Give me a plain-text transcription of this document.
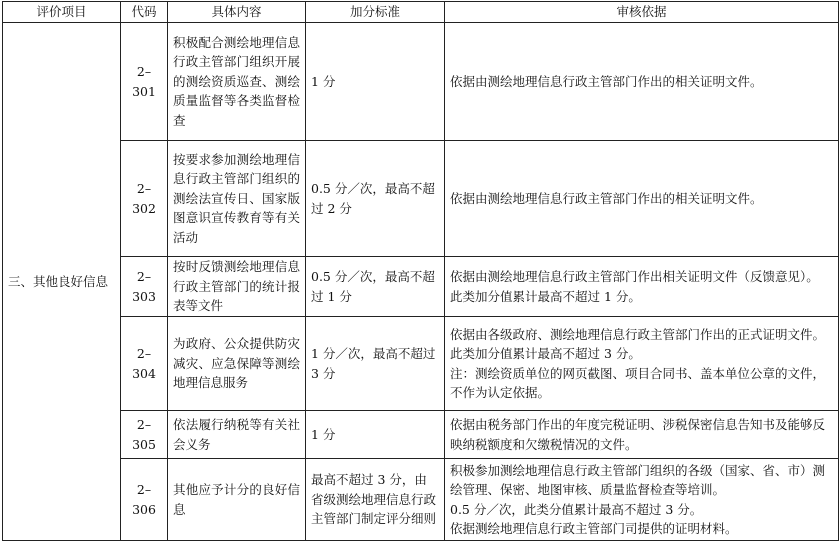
评价项目	代码	具体内容	加分标准	审核依据
三、其他良好信息	2–301	积极配合测绘地理信息行政主管部门组织开展的测绘资质巡查、测绘质量监督等各类监督检查	1 分	依据由测绘地理信息行政主管部门作出的相关证明文件。

	2–302	按要求参加测绘地理信息行政主管部门组织的测绘法宣传日、国家版图意识宣传教育等有关活动	0.5 分／次，最高不超过 2 分	依据由测绘地理信息行政主管部门作出的相关证明文件。

	2–303	按时反馈测绘地理信息行政主管部门的统计报表等文件	0.5 分／次，最高不超过 1 分	依据由测绘地理信息行政主管部门作出相关证明文件（反馈意见）。
此类加分值累计最高不超过 1 分。

	2–304	为政府、公众提供防灾减灾、应急保障等测绘地理信息服务	1 分／次，最高不超过 3 分	依据由各级政府、测绘地理信息行政主管部门作出的正式证明文件。
此类加分值累计最高不超过 3 分。
注：测绘资质单位的网页截图、项目合同书、盖本单位公章的文件，不作为认定依据。

	2–305	依法履行纳税等有关社会义务	1 分	依据由税务部门作出的年度完税证明、涉税保密信息告知书及能够反映纳税额度和欠缴税情况的文件。

	2–306	其他应予计分的良好信息	最高不超过 3 分，由省级测绘地理信息行政主管部门制定评分细则	积极参加测绘地理信息行政主管部门组织的各级（国家、省、市）测绘管理、保密、地图审核、质量监督检查等培训。
0.5 分／次，此类分值累计最高不超过 3 分。
依据测绘地理信息行政主管部门司提供的证明材料。
